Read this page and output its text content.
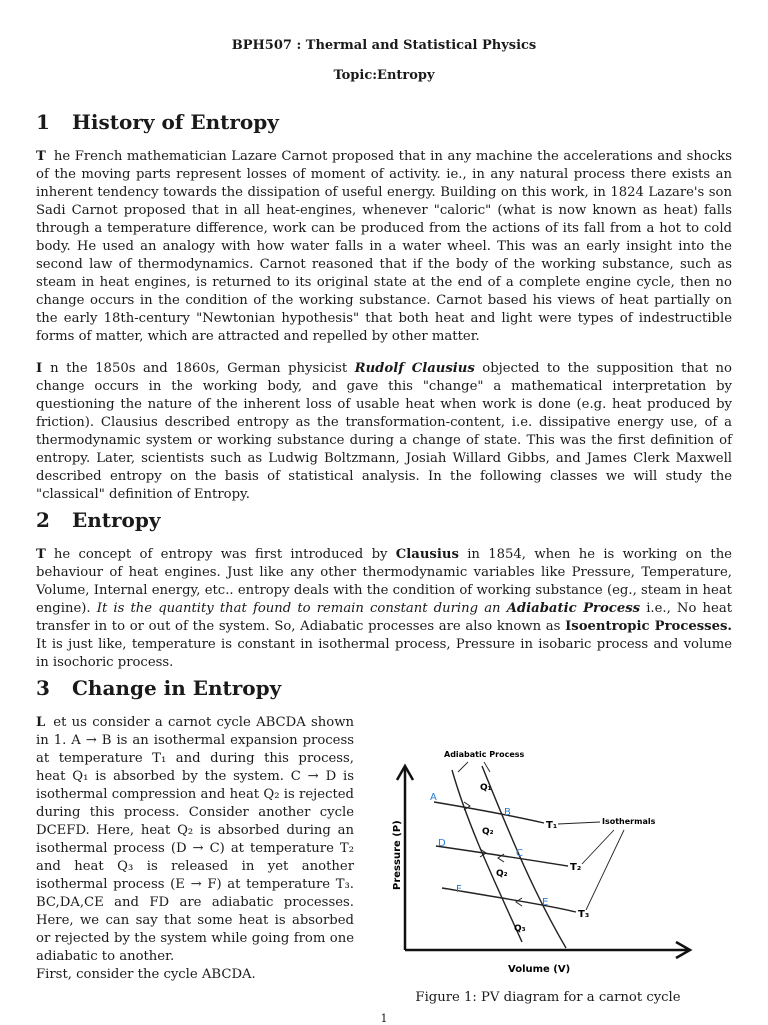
BPH507 : Thermal and Statistical Physics
Topic:Entropy
1 History of Entropy

T he French mathematician Lazare Carnot proposed that in any machine the accelerations and shocks of the moving parts represent losses of moment of activity. ie., in any natural process there exists an inherent tendency towards the dissipation of useful energy. Building on this work, in 1824 Lazare's son Sadi Carnot proposed that in all heat-engines, whenever "caloric" (what is now known as heat) falls through a temperature difference, work can be produced from the actions of its fall from a hot to cold body. He used an analogy with how water falls in a water wheel. This was an early insight into the second law of thermodynamics. Carnot reasoned that if the body of the working substance, such as steam in heat engines, is returned to its original state at the end of a complete engine cycle, then no change occurs in the condition of the working substance. Carnot based his views of heat partially on the early 18th-century "Newtonian hypothesis" that both heat and light were types of indestructible forms of matter, which are attracted and repelled by other matter.

I n the 1850s and 1860s, German physicist Rudolf Clausius objected to the supposition that no change occurs in the working body, and gave this "change" a mathematical interpretation by questioning the nature of the inherent loss of usable heat when work is done (e.g. heat produced by friction). Clausius described entropy as the transformation-content, i.e. dissipative energy use, of a thermodynamic system or working substance during a change of state. This was the first definition of entropy. Later, scientists such as Ludwig Boltzmann, Josiah Willard Gibbs, and James Clerk Maxwell described entropy on the basis of statistical analysis. In the following classes we will study the "classical" definition of Entropy.

2 Entropy

T he concept of entropy was first introduced by Clausius in 1854, when he is working on the behaviour of heat engines. Just like any other thermodynamic variables like Pressure, Temperature, Volume, Internal energy, etc.. entropy deals with the condition of working substance (eg., steam in heat engine). It is the quantity that found to remain constant during an Adiabatic Process i.e., No heat transfer in to or out of the system. So, Adiabatic processes are also known as Isoentropic Processes. It is just like, temperature is constant in isothermal process, Pressure in isobaric process and volume in isochoric process.

3 Change in Entropy

L et us consider a carnot cycle ABCDA shown in 1. A → B is an isothermal expansion process at temperature T₁ and during this process, heat Q₁ is absorbed by the system. C → D is isothermal compression and heat Q₂ is rejected during this process. Consider another cycle DCEFD. Here, heat Q₂ is absorbed during an isothermal process (D → C) at temperature T₂ and heat Q₃ is released in yet another isothermal process (E → F) at temperature T₃. BC,DA,CE and FD are adiabatic processes. Here, we can say that some heat is absorbed or rejected by the system while going from one adiabatic to another.
First, consider the cycle ABCDA.	Volume (V)
Pressure (P)
Adiabatic Process
A
B
C
D
E
F
T₁
T₂
T₃
Q₁
Q₂
Q₂
Q₃
Isothermals
Figure 1: PV diagram for a carnot cycle
1
